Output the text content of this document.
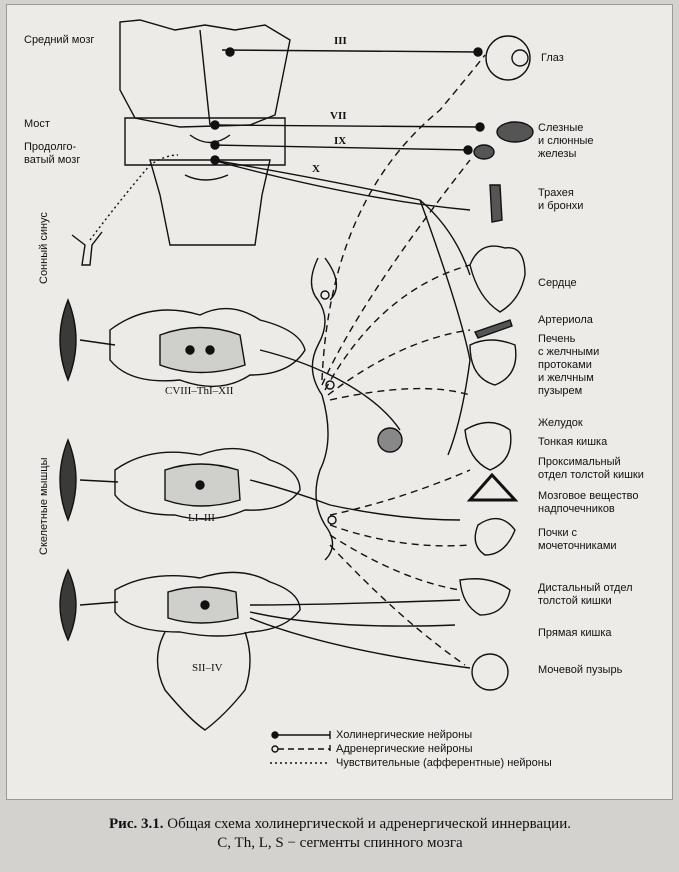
Средний мозг
Мост
Продолго-
ватый мозг
Сонный синус
Скелетные мышцы
III
VII
IX
X
CVIII–ThI–XII
LI–III
SII–IV
Глаз
Слезные
и слюнные
железы
Трахея
и бронхи
Сердце
Артериола
Печень
с желчными
протоками
и желчным
пузырем
Желудок
Тонкая кишка
Проксимальный
отдел толстой кишки
Мозговое вещество
надпочечников
Почки с
мочеточниками
Дистальный отдел
толстой кишки
Прямая кишка
Мочевой пузырь
Холинергические нейроны
Адренергические нейроны
Чувствительные (афферентные) нейроны
Рис. 3.1. Общая схема холинергической и адренергической иннервации.
C, Th, L, S − сегменты спинного мозга
